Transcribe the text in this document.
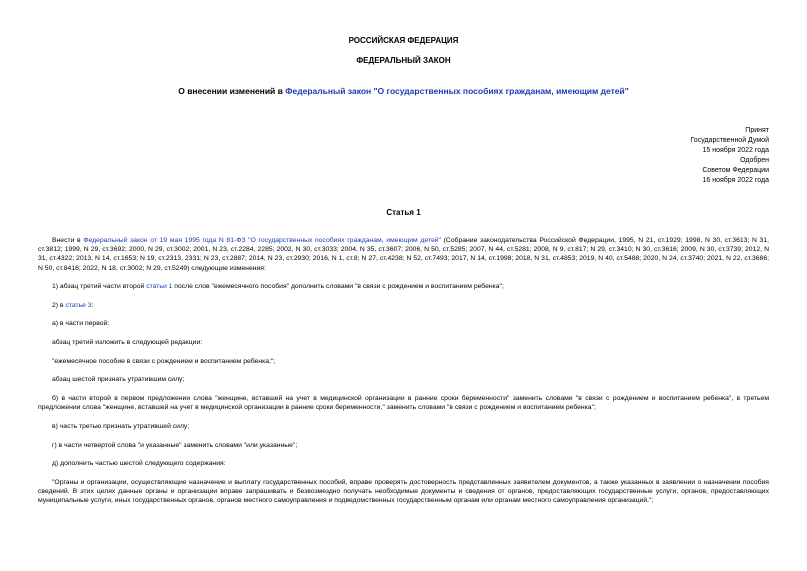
РОССИЙСКАЯ ФЕДЕРАЦИЯ
ФЕДЕРАЛЬНЫЙ ЗАКОН
О внесении изменений в Федеральный закон "О государственных пособиях гражданам, имеющим детей"
Принят
Государственной Думой
15 ноября 2022 года
Одобрен
Советом Федерации
16 ноября 2022 года
Статья 1

Внести в Федеральный закон от 19 мая 1995 года N 81-ФЗ "О государственных пособиях гражданам, имеющим детей" (Собрание законодательства Российской Федерации, 1995, N 21, ст.1929; 1998, N 30, ст.3613; N 31, ст.3812; 1999, N 29, ст.3692; 2000, N 29, ст.3002; 2001, N 23, ст.2284, 2285; 2002, N 30, ст.3033; 2004, N 35, ст.3607; 2006, N 50, ст.5285; 2007, N 44, ст.5281; 2008, N 9, ст.817; N 29, ст.3410; N 30, ст.3616; 2009, N 30, ст.3739; 2012, N 31, ст.4322; 2013, N 14, ст.1653; N 19, ст.2313, 2331; N 23, ст.2887; 2014, N 23, ст.2930; 2016, N 1, ст.8; N 27, ст.4238; N 52, ст.7493; 2017, N 14, ст.1998; 2018, N 31, ст.4853; 2019, N 40, ст.5488; 2020, N 24, ст.3740; 2021, N 22, ст.3686; N 50, ст.8416; 2022, N 18, ст.3002; N 29, ст.5249) следующие изменения:

1) абзац третий части второй статьи 1 после слов "ежемесячного пособия" дополнить словами "в связи с рождением и воспитанием ребенка";

2) в статье 3:

а) в части первой:

абзац третий изложить в следующей редакции:

"ежемесячное пособие в связи с рождением и воспитанием ребенка;";

абзац шестой признать утратившим силу;

б) в части второй в первом предложении слова "женщине, вставшей на учет в медицинской организации в ранние сроки беременности" заменить словами "в связи с рождением и воспитанием ребенка", в третьем предложении слова "женщине, вставшей на учет в медицинской организации в ранние сроки беременности," заменить словами "в связи с рождением и воспитанием ребенка";

в) часть третью признать утратившей силу;

г) в части четвертой слова "и указанные" заменить словами "или указанные";

д) дополнить частью шестой следующего содержания:

"Органы и организации, осуществляющие назначение и выплату государственных пособий, вправе проверять достоверность представленных заявителем документов, а также указанных в заявлении о назначении пособия сведений. В этих целях данные органы и организации вправе запрашивать и безвозмездно получать необходимые документы и сведения от органов, предоставляющих государственные услуги, органов, предоставляющих муниципальные услуги, иных государственных органов, органов местного самоуправления и подведомственных государственным органам или органам местного самоуправления организаций.";
